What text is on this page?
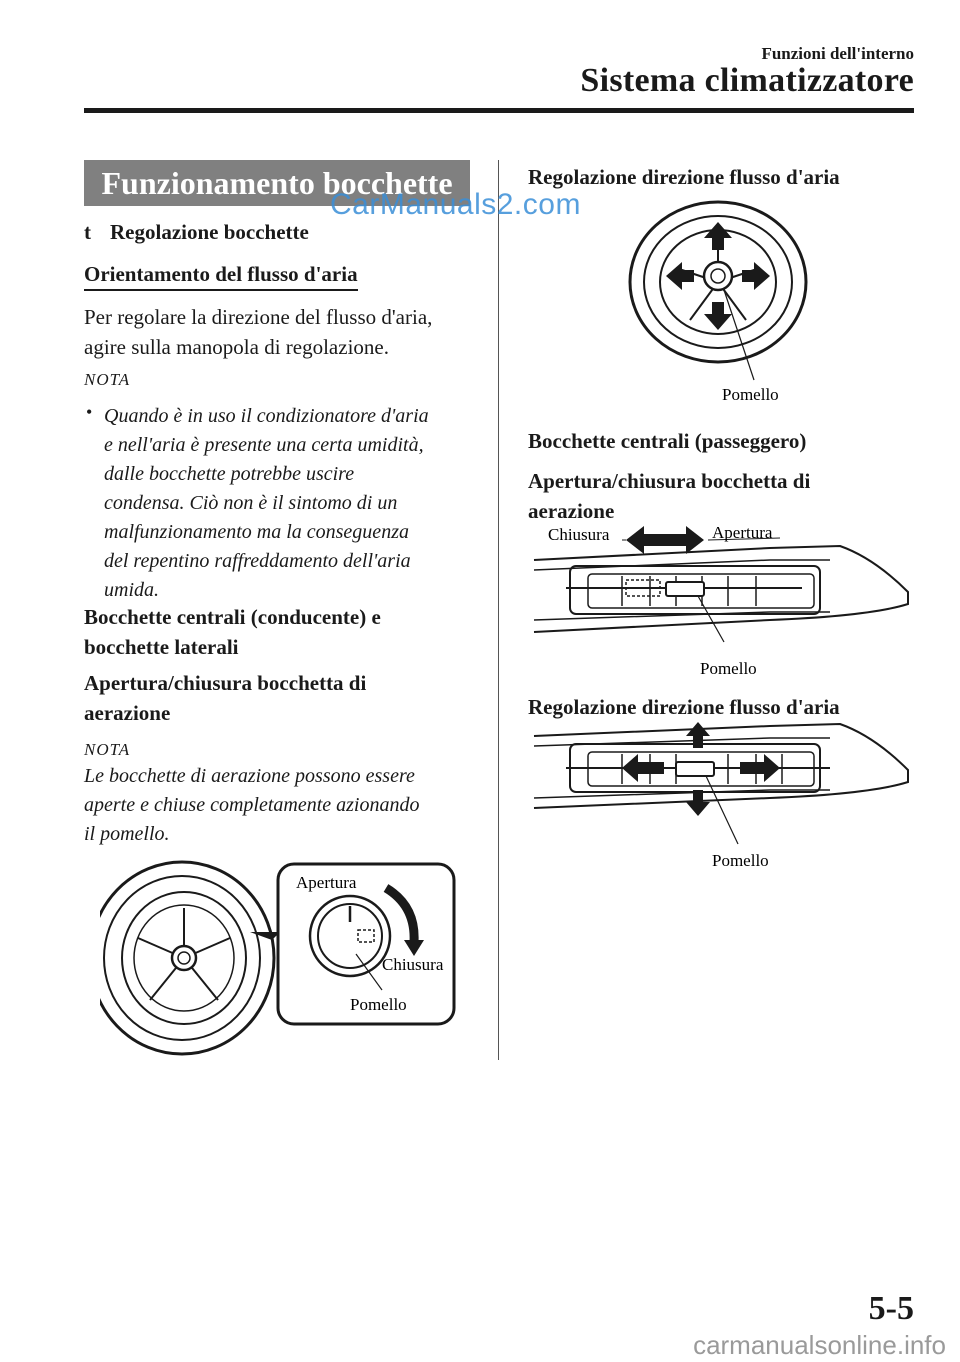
Funzioni dell'interno
Sistema climatizzatore
Funzionamento bocchette
CarManuals2.com
t Regolazione bocchette
Orientamento del flusso d'aria
Per regolare la direzione del flusso d'aria,
agire sulla manopola di regolazione.
NOTA
• Quando è in uso il condizionatore d'aria
e nell'aria è presente una certa umidità,
dalle bocchette potrebbe uscire
condensa. Ciò non è il sintomo di un
malfunzionamento ma la conseguenza
del repentino raffreddamento dell'aria
umida.
Bocchette centrali (conducente) e
bocchette laterali
Apertura/chiusura bocchetta di
aerazione
NOTA
Le bocchette di aerazione possono essere
aperte e chiuse completamente azionando
il pomello.
Apertura
Chiusura
Pomello
Regolazione direzione flusso d'aria
Pomello
Bocchette centrali (passeggero)
Apertura/chiusura bocchetta di
aerazione
Chiusura	Apertura
Pomello
Regolazione direzione flusso d'aria
Pomello
5-5
carmanualsonline.info
